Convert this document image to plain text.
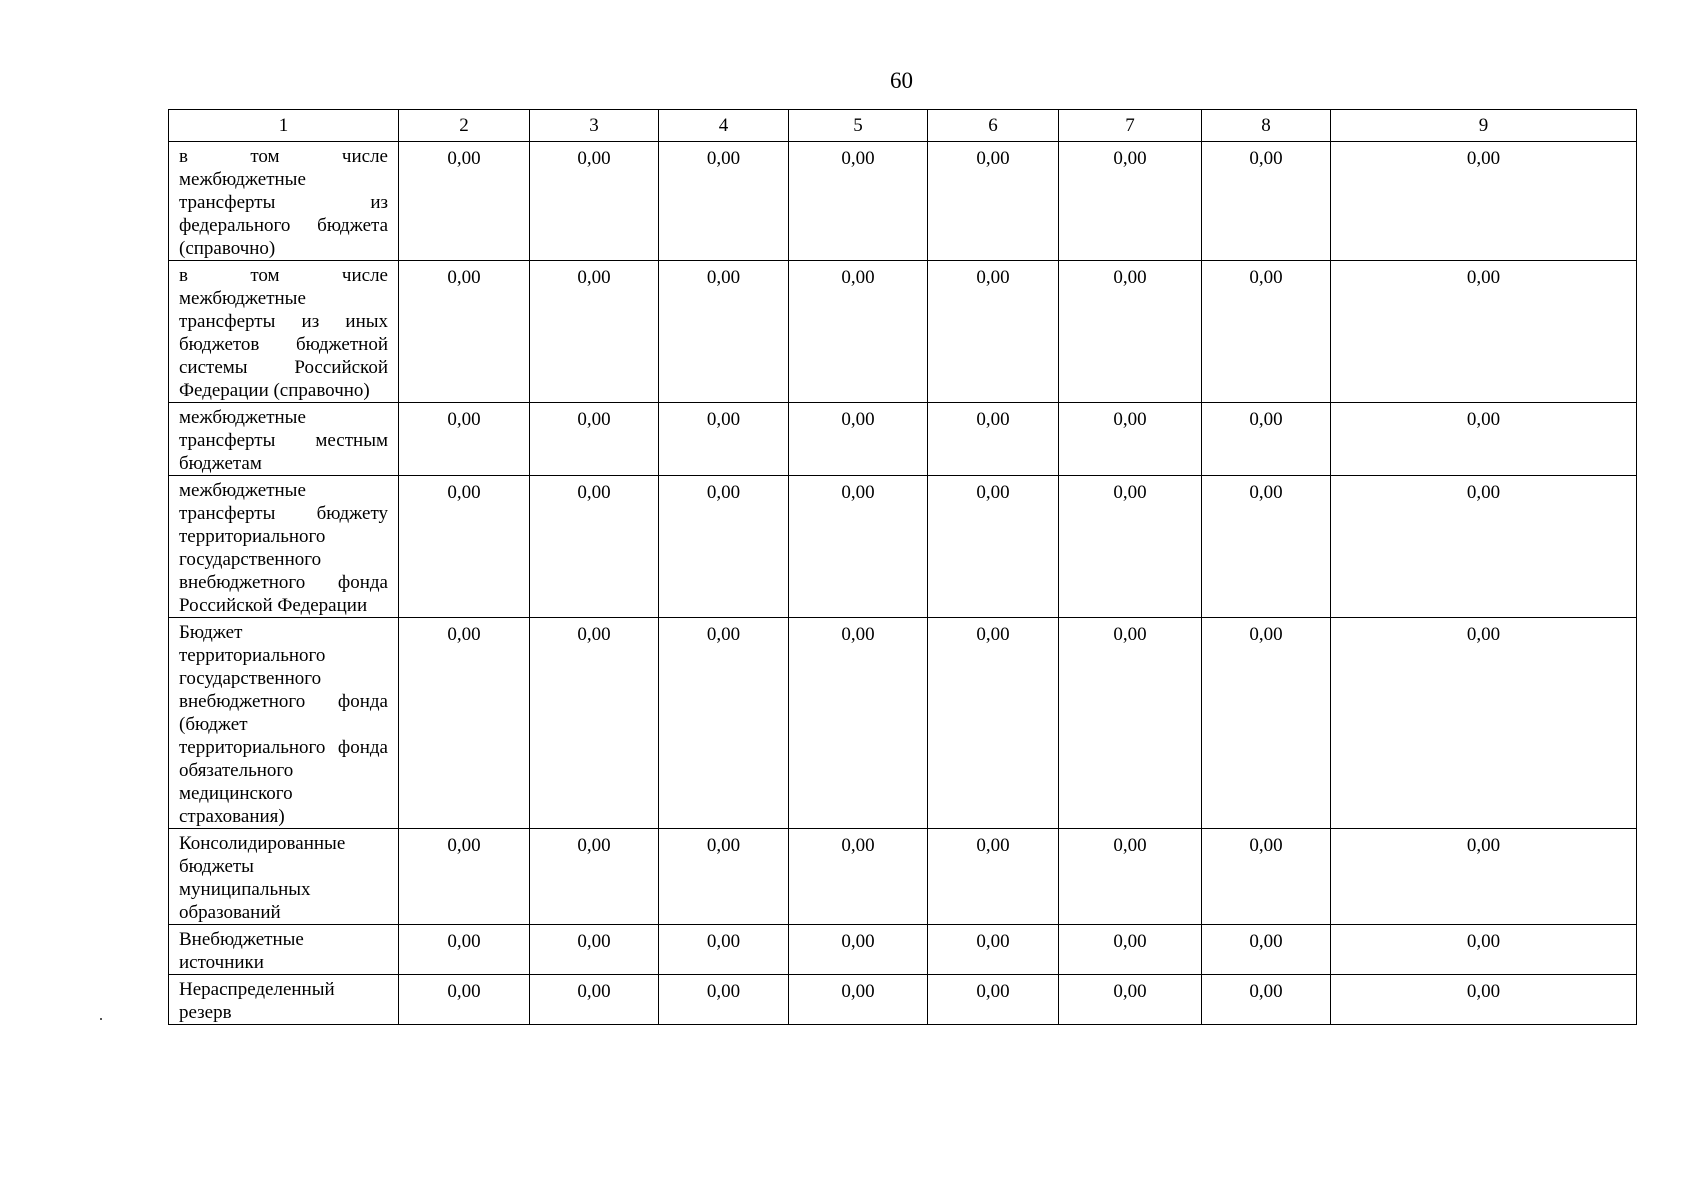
60
1	2	3	4	5	6	7	8	9
в том числе межбюджетные трансферты из федерального бюджета (справочно)	0,00	0,00	0,00	0,00	0,00	0,00	0,00	0,00
в том числе межбюджетные трансферты из иных бюджетов бюджетной системы Российской Федерации (справочно)	0,00	0,00	0,00	0,00	0,00	0,00	0,00	0,00
межбюджетные трансферты местным бюджетам	0,00	0,00	0,00	0,00	0,00	0,00	0,00	0,00
межбюджетные трансферты бюджету территориального государственного внебюджетного фонда Российской Федерации	0,00	0,00	0,00	0,00	0,00	0,00	0,00	0,00
Бюджет территориального государственного внебюджетного фонда (бюджет территориального фонда обязательного медицинского страхования)	0,00	0,00	0,00	0,00	0,00	0,00	0,00	0,00
Консолидированные бюджеты муниципальных образований	0,00	0,00	0,00	0,00	0,00	0,00	0,00	0,00
Внебюджетные источники	0,00	0,00	0,00	0,00	0,00	0,00	0,00	0,00
Нераспределенный резерв	0,00	0,00	0,00	0,00	0,00	0,00	0,00	0,00
